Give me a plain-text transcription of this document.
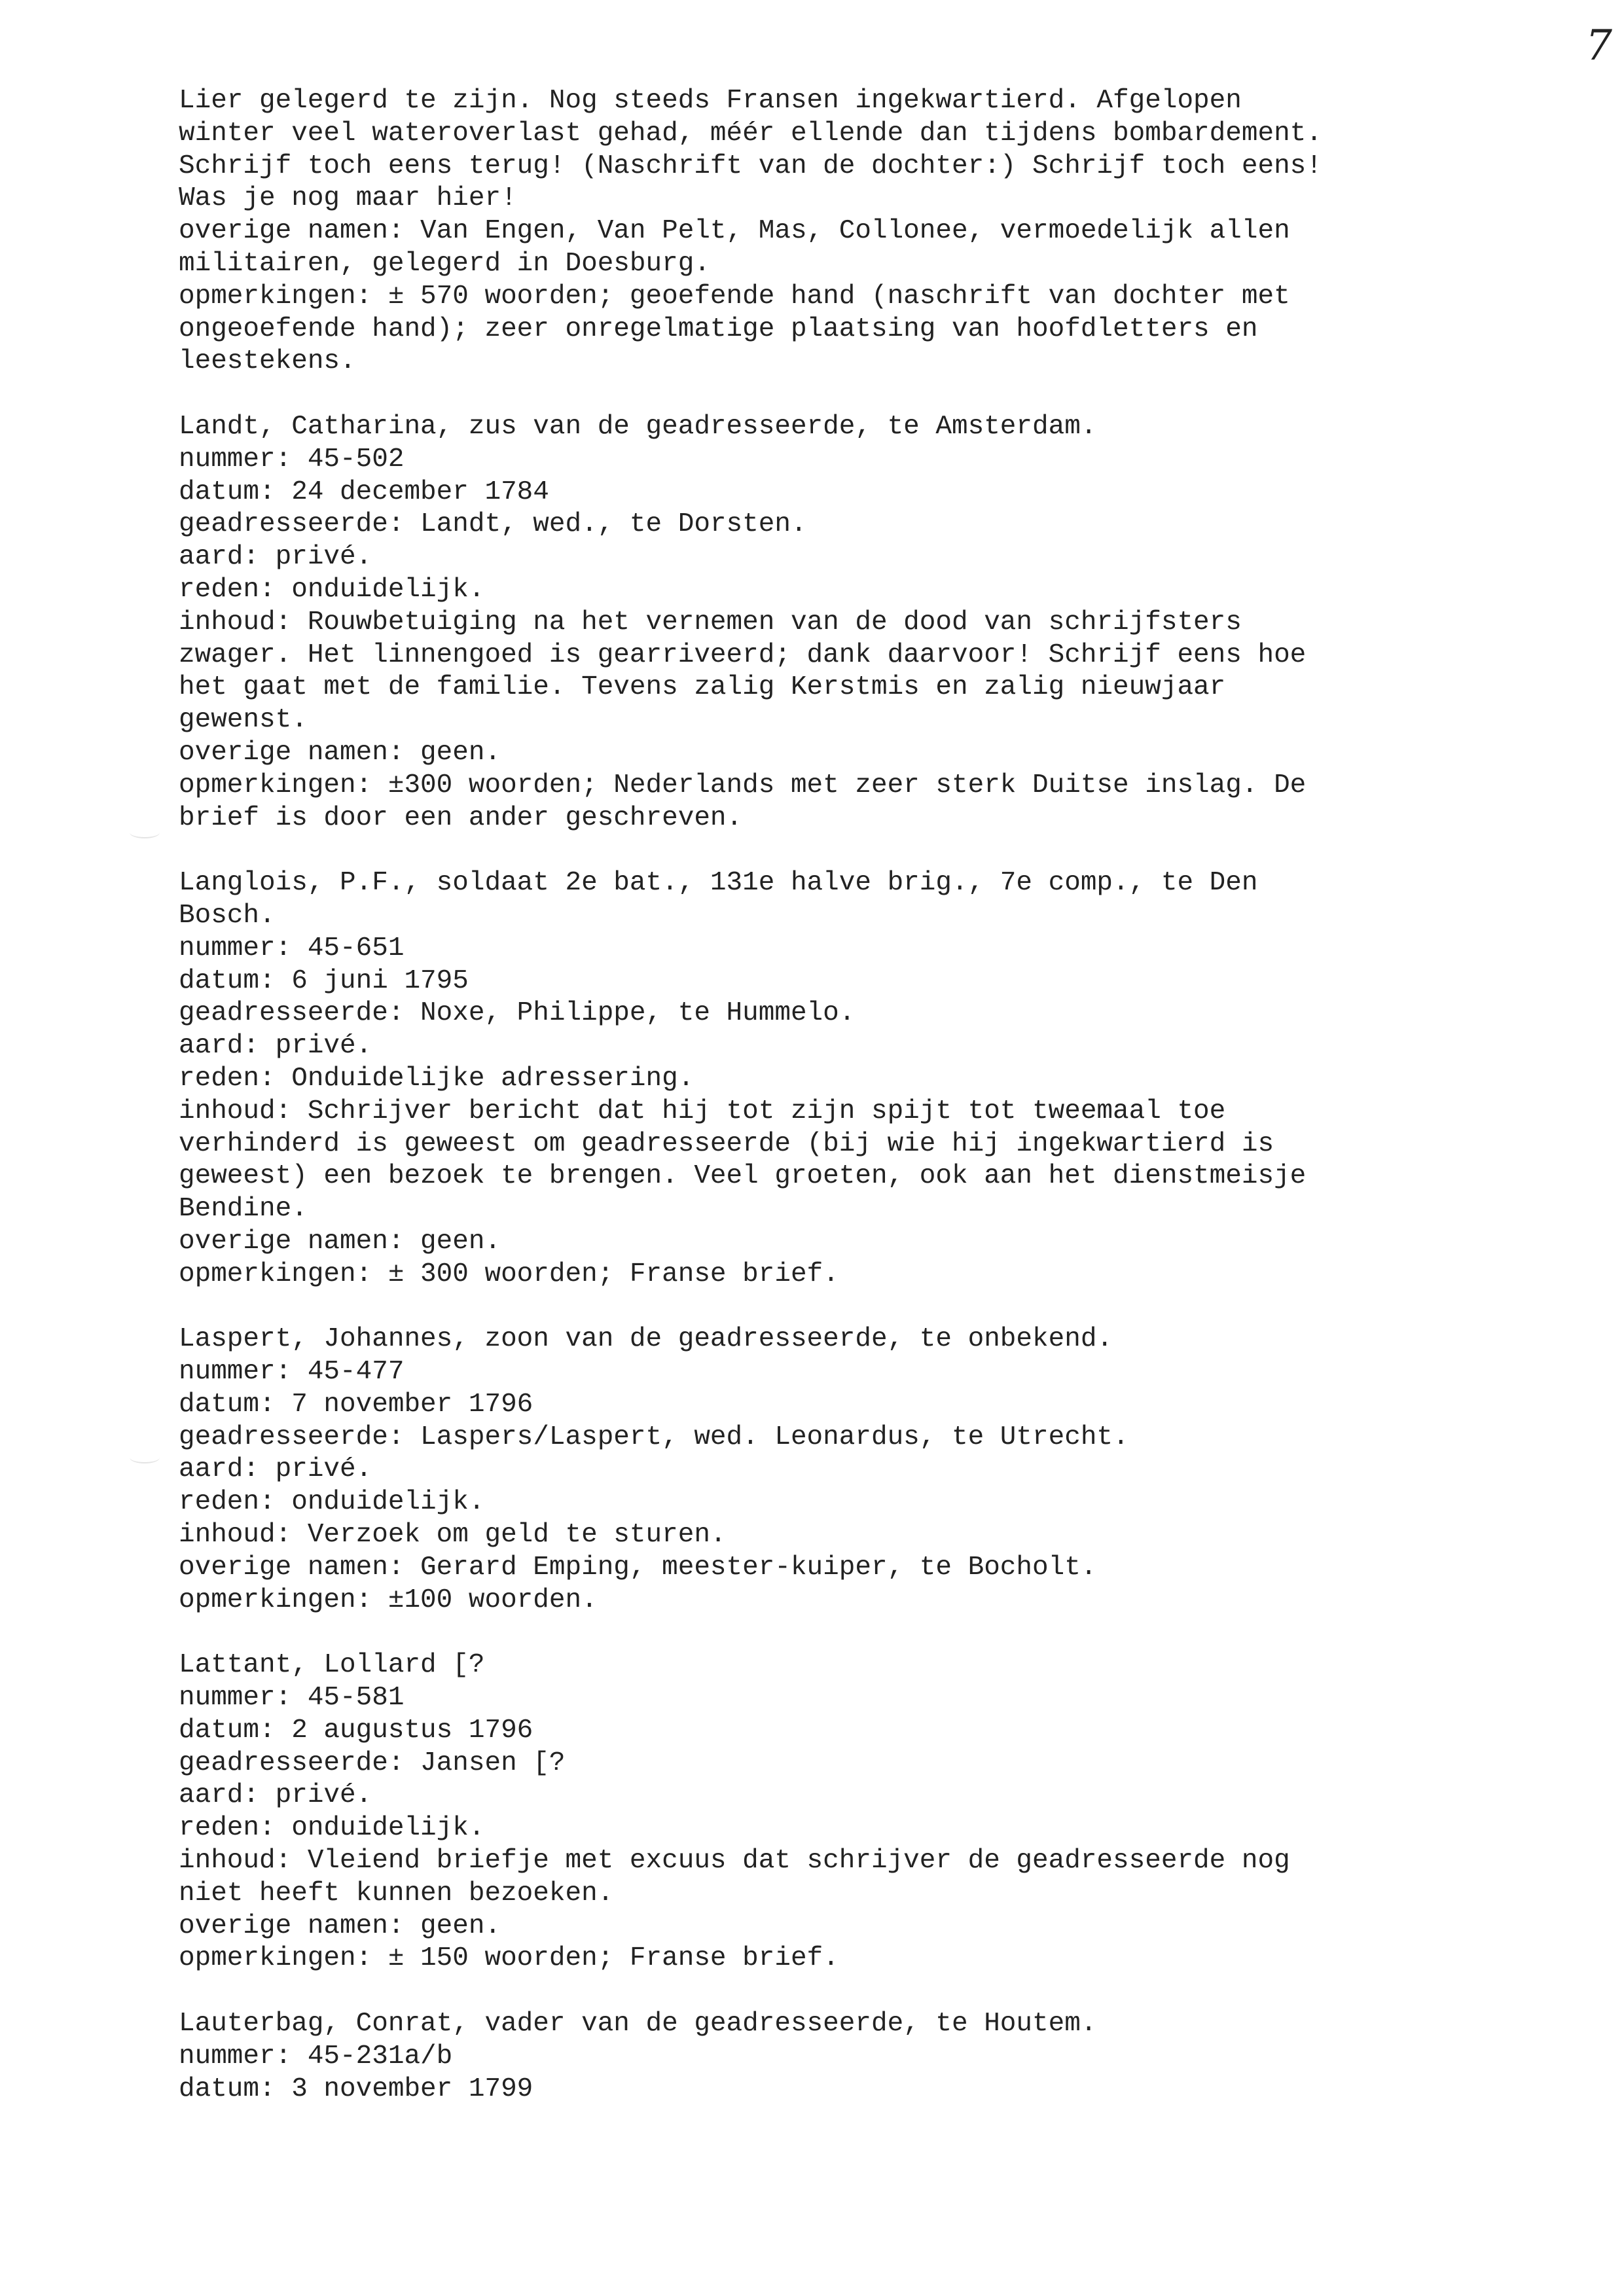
7
Lier gelegerd te zijn. Nog steeds Fransen ingekwartierd. Afgelopen
winter veel wateroverlast gehad, méér ellende dan tijdens bombardement.
Schrijf toch eens terug! (Naschrift van de dochter:) Schrijf toch eens!
Was je nog maar hier!
overige namen: Van Engen, Van Pelt, Mas, Collonee, vermoedelijk allen
militairen, gelegerd in Doesburg.
opmerkingen: ± 570 woorden; geoefende hand (naschrift van dochter met
ongeoefende hand); zeer onregelmatige plaatsing van hoofdletters en
leestekens.
Landt, Catharina, zus van de geadresseerde, te Amsterdam.
nummer: 45-502
datum: 24 december 1784
geadresseerde: Landt, wed., te Dorsten.
aard: privé.
reden: onduidelijk.
inhoud: Rouwbetuiging na het vernemen van de dood van schrijfsters
zwager. Het linnengoed is gearriveerd; dank daarvoor! Schrijf eens hoe
het gaat met de familie. Tevens zalig Kerstmis en zalig nieuwjaar
gewenst.
overige namen: geen.
opmerkingen: ±300 woorden; Nederlands met zeer sterk Duitse inslag. De
brief is door een ander geschreven.
Langlois, P.F., soldaat 2e bat., 131e halve brig., 7e comp., te Den
Bosch.
nummer: 45-651
datum: 6 juni 1795
geadresseerde: Noxe, Philippe, te Hummelo.
aard: privé.
reden: Onduidelijke adressering.
inhoud: Schrijver bericht dat hij tot zijn spijt tot tweemaal toe
verhinderd is geweest om geadresseerde (bij wie hij ingekwartierd is
geweest) een bezoek te brengen. Veel groeten, ook aan het dienstmeisje
Bendine.
overige namen: geen.
opmerkingen: ± 300 woorden; Franse brief.
Laspert, Johannes, zoon van de geadresseerde, te onbekend.
nummer: 45-477
datum: 7 november 1796
geadresseerde: Laspers/Laspert, wed. Leonardus, te Utrecht.
aard: privé.
reden: onduidelijk.
inhoud: Verzoek om geld te sturen.
overige namen: Gerard Emping, meester-kuiper, te Bocholt.
opmerkingen: ±100 woorden.
Lattant, Lollard [?
nummer: 45-581
datum: 2 augustus 1796
geadresseerde: Jansen [?
aard: privé.
reden: onduidelijk.
inhoud: Vleiend briefje met excuus dat schrijver de geadresseerde nog
niet heeft kunnen bezoeken.
overige namen: geen.
opmerkingen: ± 150 woorden; Franse brief.
Lauterbag, Conrat, vader van de geadresseerde, te Houtem.
nummer: 45-231a/b
datum: 3 november 1799
